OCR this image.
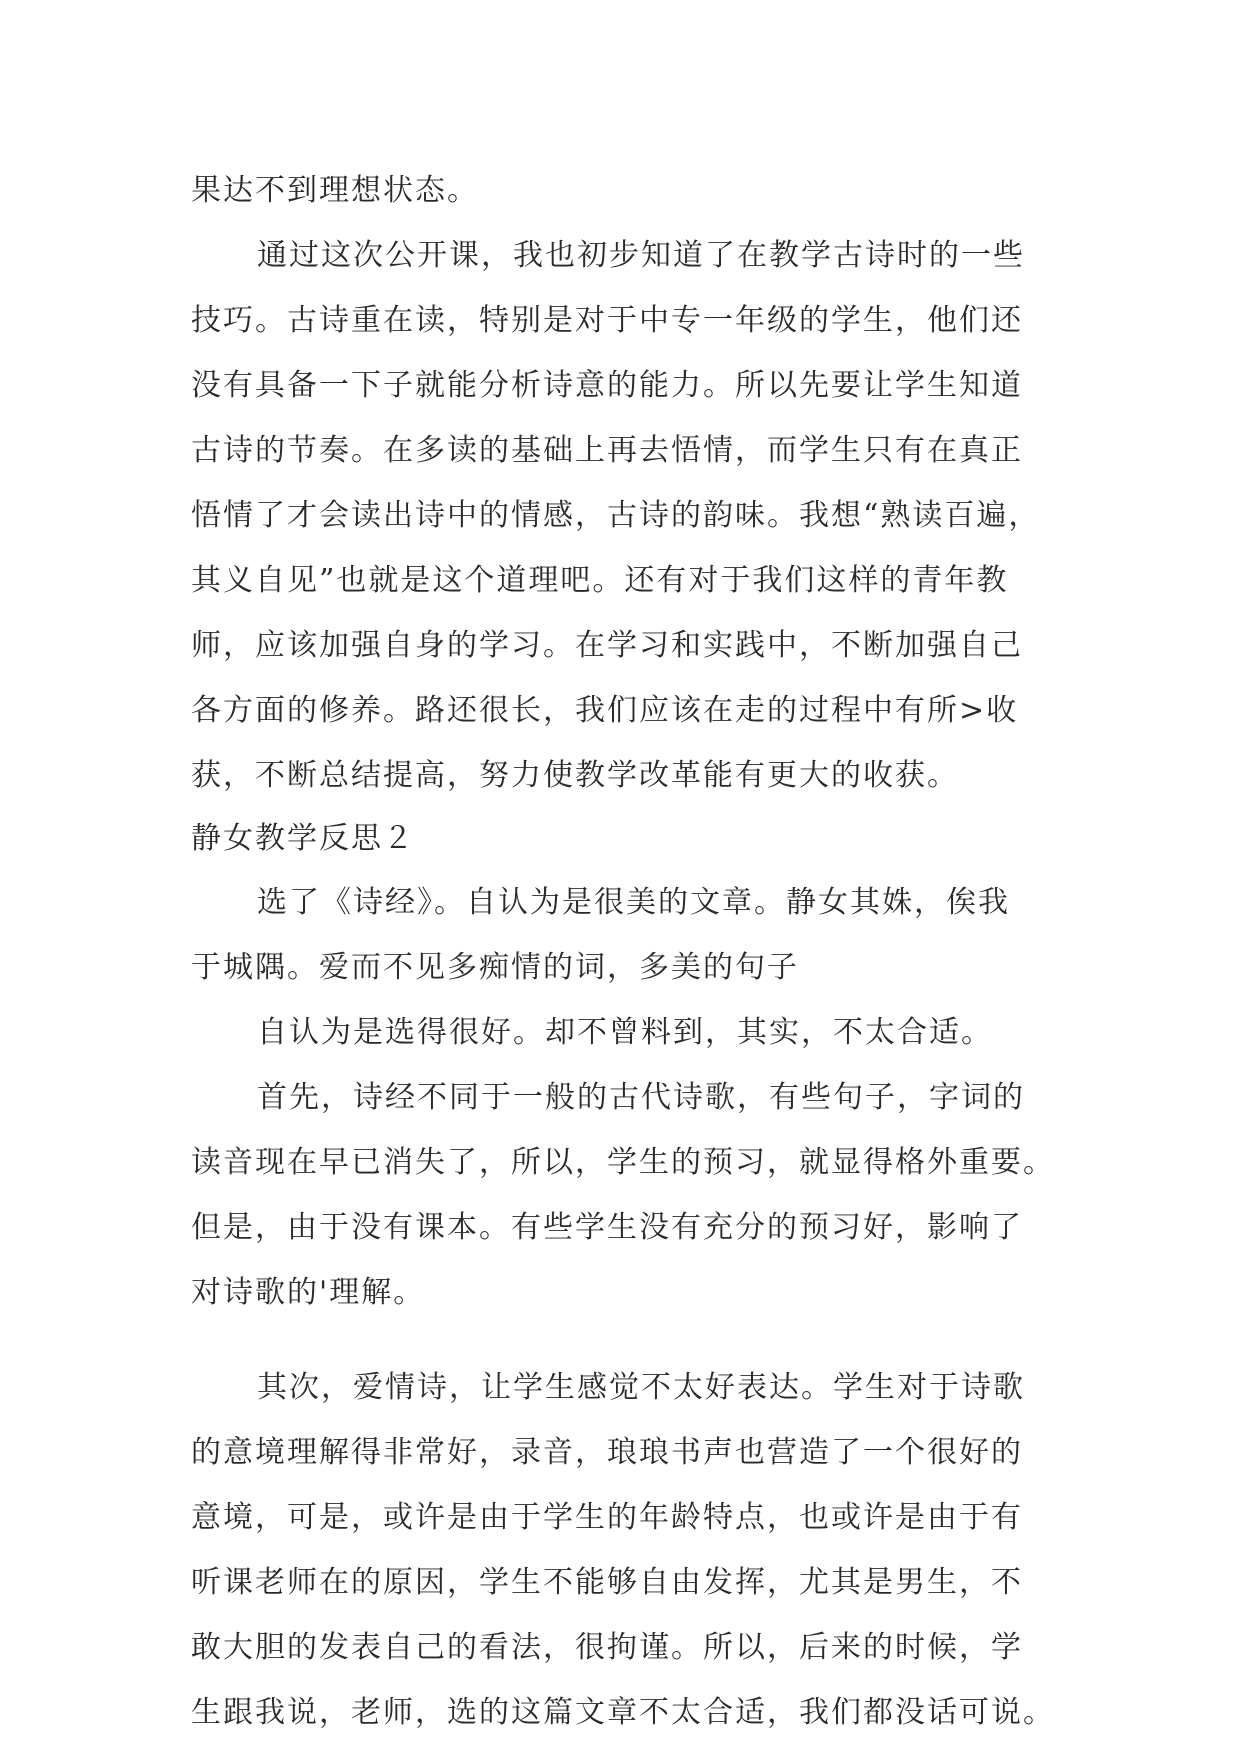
果达不到理想状态。
通过这次公开课，我也初步知道了在教学古诗时的一些
技巧。古诗重在读，特别是对于中专一年级的学生，他们还
没有具备一下子就能分析诗意的能力。所以先要让学生知道
古诗的节奏。在多读的基础上再去悟情，而学生只有在真正
悟情了才会读出诗中的情感，古诗的韵味。我想“熟读百遍，
其义自见”也就是这个道理吧。还有对于我们这样的青年教
师，应该加强自身的学习。在学习和实践中，不断加强自己
各方面的修养。路还很长，我们应该在走的过程中有所>收
获，不断总结提高，努力使教学改革能有更大的收获。
静女教学反思２
选了《诗经》。自认为是很美的文章。静女其姝，俟我
于城隅。爱而不见多痴情的词，多美的句子
自认为是选得很好。却不曾料到，其实，不太合适。
首先，诗经不同于一般的古代诗歌，有些句子，字词的
读音现在早已消失了，所以，学生的预习，就显得格外重要。
但是，由于没有课本。有些学生没有充分的预习好，影响了
对诗歌的'理解。
其次，爱情诗，让学生感觉不太好表达。学生对于诗歌
的意境理解得非常好，录音，琅琅书声也营造了一个很好的
意境，可是，或许是由于学生的年龄特点，也或许是由于有
听课老师在的原因，学生不能够自由发挥，尤其是男生，不
敢大胆的发表自己的看法，很拘谨。所以，后来的时候，学
生跟我说，老师，选的这篇文章不太合适，我们都没话可说。
